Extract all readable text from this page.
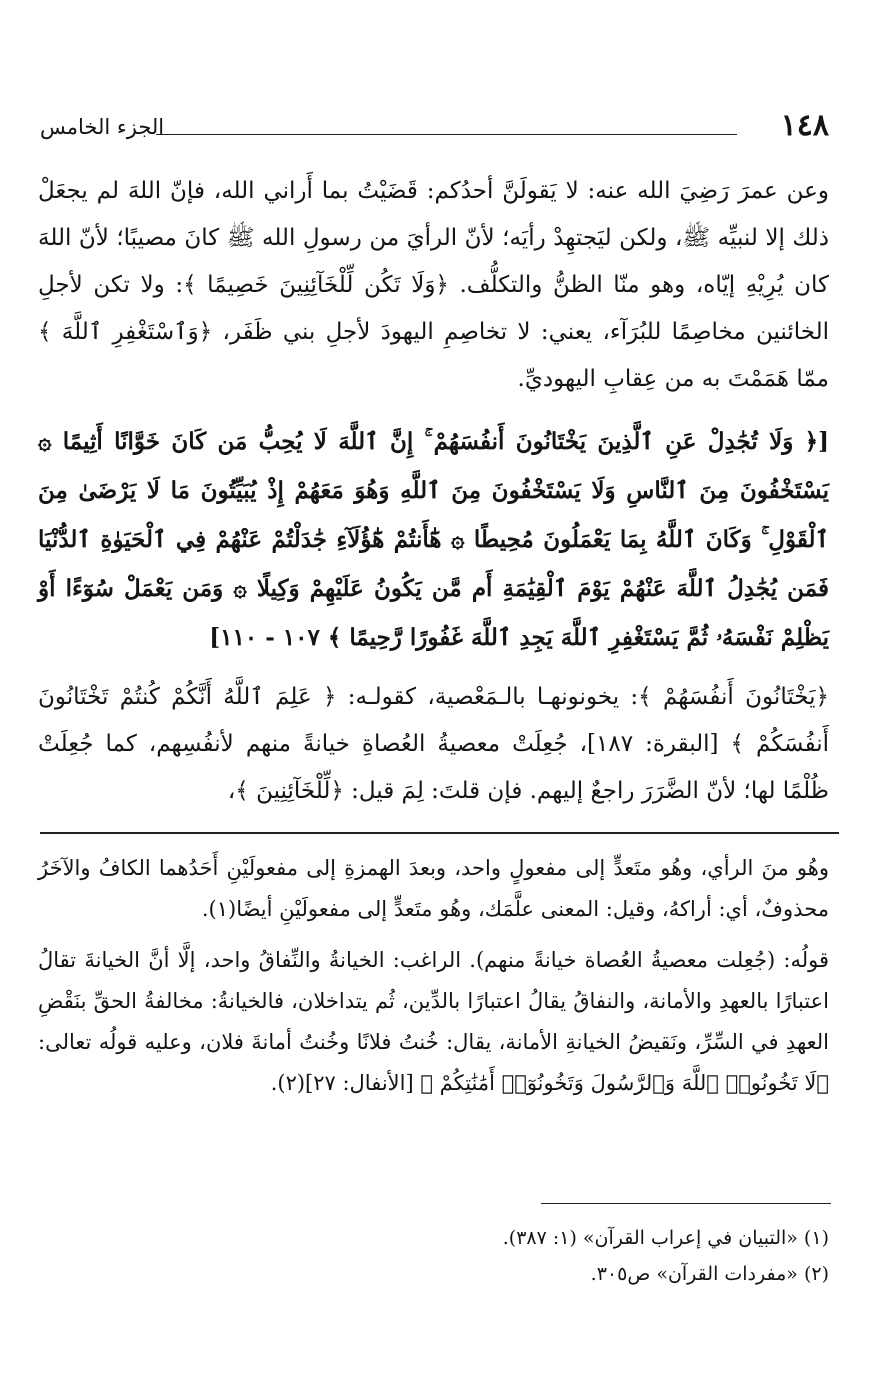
١٤٨
الجزء الخامس

وعن عمرَ رَضِيَ الله عنه: لا يَقولَنَّ أحدُكم: قَضَيْتُ بما أَراني الله، فإنّ اللهَ لم يجعَلْ ذلك إلا لنبيِّه ﷺ، ولكن ليَجتهِدْ رأيَه؛ لأنّ الرأيَ من رسولِ الله ﷺ كانَ مصيبًا؛ لأنّ اللهَ كان يُرِيْهِ إيّاه، وهو منّا الظنُّ والتكلُّف. ﴿وَلَا تَكُن لِّلْخَآئِنِينَ خَصِيمًا ﴾: ولا تكن لأجلِ الخائنين مخاصِمًا للبُرَآء، يعني: لا تخاصِمِ اليهودَ لأجلِ بني ظَفَر، ﴿وَٱسْتَغْفِرِ ٱللَّهَ ﴾ ممّا هَمَمْتَ به من عِقابِ اليهوديِّ.

[﴿ وَلَا تُجَٰدِلْ عَنِ ٱلَّذِينَ يَخْتَانُونَ أَنفُسَهُمْ ۚ إِنَّ ٱللَّهَ لَا يُحِبُّ مَن كَانَ خَوَّانًا أَثِيمًا ۞ يَسْتَخْفُونَ مِنَ ٱلنَّاسِ وَلَا يَسْتَخْفُونَ مِنَ ٱللَّهِ وَهُوَ مَعَهُمْ إِذْ يُبَيِّتُونَ مَا لَا يَرْضَىٰ مِنَ ٱلْقَوْلِ ۚ وَكَانَ ٱللَّهُ بِمَا يَعْمَلُونَ مُحِيطًا ۞ هَٰٓأَنتُمْ هَٰٓؤُلَآءِ جَٰدَلْتُمْ عَنْهُمْ فِي ٱلْحَيَوٰةِ ٱلدُّنْيَا فَمَن يُجَٰدِلُ ٱللَّهَ عَنْهُمْ يَوْمَ ٱلْقِيَٰمَةِ أَم مَّن يَكُونُ عَلَيْهِمْ وَكِيلًا ۞ وَمَن يَعْمَلْ سُوٓءًا أَوْ يَظْلِمْ نَفْسَهُۥ ثُمَّ يَسْتَغْفِرِ ٱللَّهَ يَجِدِ ٱللَّهَ غَفُورًا رَّحِيمًا ﴾ ١٠٧ - ١١٠]

﴿يَخْتَانُونَ أَنفُسَهُمْ ﴾: يخونونهـا بالـمَعْصية، كقولـه: ﴿ عَلِمَ ٱللَّهُ أَنَّكُمْ كُنتُمْ تَخْتَانُونَ أَنفُسَكُمْ ﴾ [البقرة: ١٨٧]، جُعِلَتْ معصيةُ العُصاةِ خيانةً منهم لأنفُسِهم، كما جُعِلَتْ ظُلْمًا لها؛ لأنّ الضَّرَرَ راجعٌ إليهم. فإن قلتَ: لِمَ قيل: ﴿لِّلْخَآئِنِينَ ﴾،

وهُو منَ الرأي، وهُو متَعدٍّ إلى مفعولٍ واحد، وبعدَ الهمزةِ إلى مفعولَيْنِ أَحَدُهما الكافُ والآخَرُ محذوفٌ، أي: أراكهُ، وقيل: المعنى علَّمَك، وهُو متَعدٍّ إلى مفعولَيْنِ أيضًا(١).

قولُه: (جُعِلت معصيةُ العُصاة خيانةً منهم). الراغب: الخيانةُ والنِّفاقُ واحد، إلَّا أنَّ الخيانةَ تقالُ اعتبارًا بالعهدِ والأمانة، والنفاقُ يقالُ اعتبارًا بالدِّين، ثُم يتداخلان، فالخيانةُ: مخالفةُ الحقِّ بنَقْضِ العهدِ في السِّرِّ، ونَقيضُ الخيانةِ الأمانة، يقال: خُنتُ فلانًا وخُنتُ أمانةَ فلان، وعليه قولُه تعالى: ﴿لَا تَخُونُوا۟ ٱللَّهَ وَٱلرَّسُولَ وَتَخُونُوٓا۟ أَمَٰنَٰتِكُمْ ﴾ [الأنفال: ٢٧](٢).

(١) «التبيان في إعراب القرآن» (١: ٣٨٧).

(٢) «مفردات القرآن» ص٣٠٥.
